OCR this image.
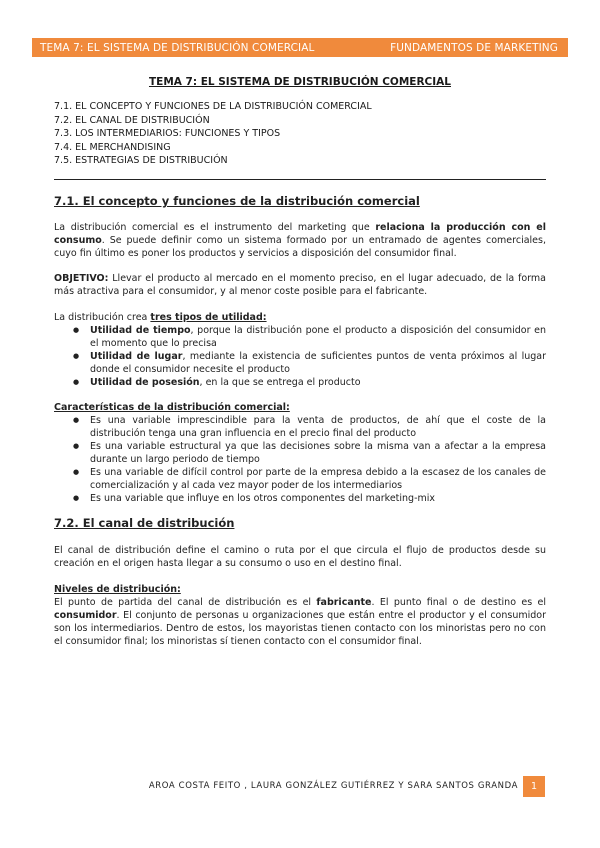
TEMA 7: EL SISTEMA DE DISTRIBUCIÓN COMERCIAL	FUNDAMENTOS DE MARKETING
TEMA 7: EL SISTEMA DE DISTRIBUCIÓN COMERCIAL
7.1. EL CONCEPTO Y FUNCIONES DE LA DISTRIBUCIÓN COMERCIAL
7.2. EL CANAL DE DISTRIBUCIÓN
7.3. LOS INTERMEDIARIOS: FUNCIONES Y TIPOS
7.4. EL MERCHANDISING
7.5. ESTRATEGIAS DE DISTRIBUCIÓN
7.1. El concepto y funciones de la distribución comercial
La distribución comercial es el instrumento del marketing que relaciona la producción con el consumo. Se puede definir como un sistema formado por un entramado de agentes comerciales, cuyo fin último es poner los productos y servicios a disposición del consumidor final.
OBJETIVO: Llevar el producto al mercado en el momento preciso, en el lugar adecuado, de la forma más atractiva para el consumidor, y al menor coste posible para el fabricante.
La distribución crea tres tipos de utilidad:
● Utilidad de tiempo, porque la distribución pone el producto a disposición del consumidor en el momento que lo precisa
● Utilidad de lugar, mediante la existencia de suficientes puntos de venta próximos al lugar donde el consumidor necesite el producto
● Utilidad de posesión, en la que se entrega el producto
Características de la distribución comercial:
● Es una variable imprescindible para la venta de productos, de ahí que el coste de la distribución tenga una gran influencia en el precio final del producto
● Es una variable estructural ya que las decisiones sobre la misma van a afectar a la empresa durante un largo periodo de tiempo
● Es una variable de difícil control por parte de la empresa debido a la escasez de los canales de comercialización y al cada vez mayor poder de los intermediarios
● Es una variable que influye en los otros componentes del marketing-mix
7.2. El canal de distribución
El canal de distribución define el camino o ruta por el que circula el flujo de productos desde su creación en el origen hasta llegar a su consumo o uso en el destino final.
Niveles de distribución:
El punto de partida del canal de distribución es el fabricante. El punto final o de destino es el consumidor. El conjunto de personas u organizaciones que están entre el productor y el consumidor son los intermediarios. Dentro de estos, los mayoristas tienen contacto con los minoristas pero no con el consumidor final; los minoristas sí tienen contacto con el consumidor final.
AROA COSTA FEITO , LAURA GONZÁLEZ GUTIÉRREZ Y SARA SANTOS GRANDA	1
